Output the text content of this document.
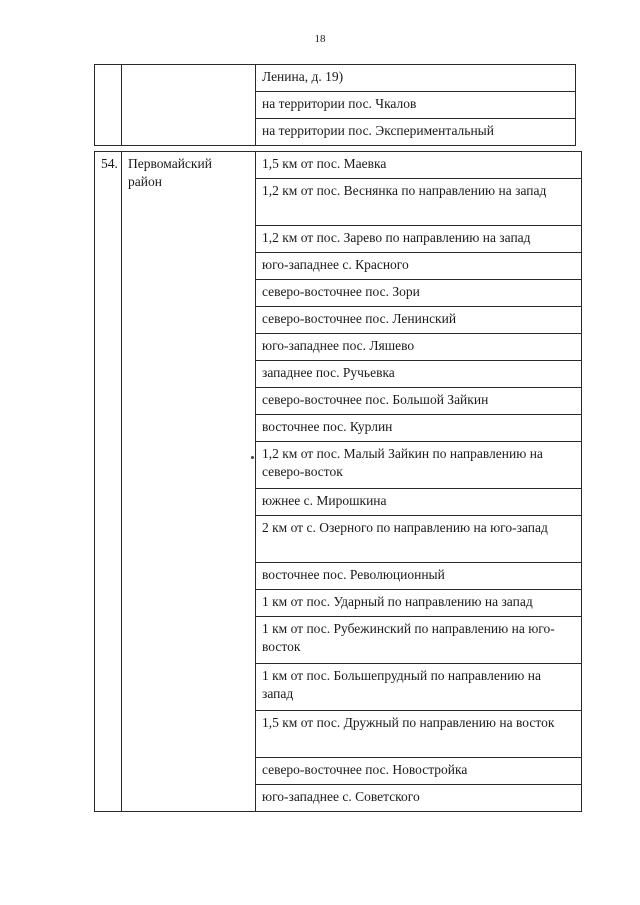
18
		Ленина, д. 19)
на территории пос. Чкалов
на территории пос. Экспериментальный
54.	Первомайский район	1,5 км от пос. Маевка
1,2 км от пос. Веснянка по направлению на запад
1,2 км от пос. Зарево по направлению на запад
юго-западнее с. Красного
северо-восточнее пос. Зори
северо-восточнее пос. Ленинский
юго-западнее пос. Ляшево
западнее пос. Ручьевка
северо-восточнее пос. Большой Зайкин
восточнее пос. Курлин
1,2 км от пос. Малый Зайкин по направлению на северо-восток
южнее с. Мирошкина
2 км от с. Озерного по направлению на юго-запад
восточнее пос. Революционный
1 км от пос. Ударный по направлению на запад
1 км от пос. Рубежинский по направлению на юго-восток
1 км от пос. Большепрудный по направлению на запад
1,5 км от пос. Дружный по направлению на восток
северо-восточнее пос. Новостройка
юго-западнее с. Советского
